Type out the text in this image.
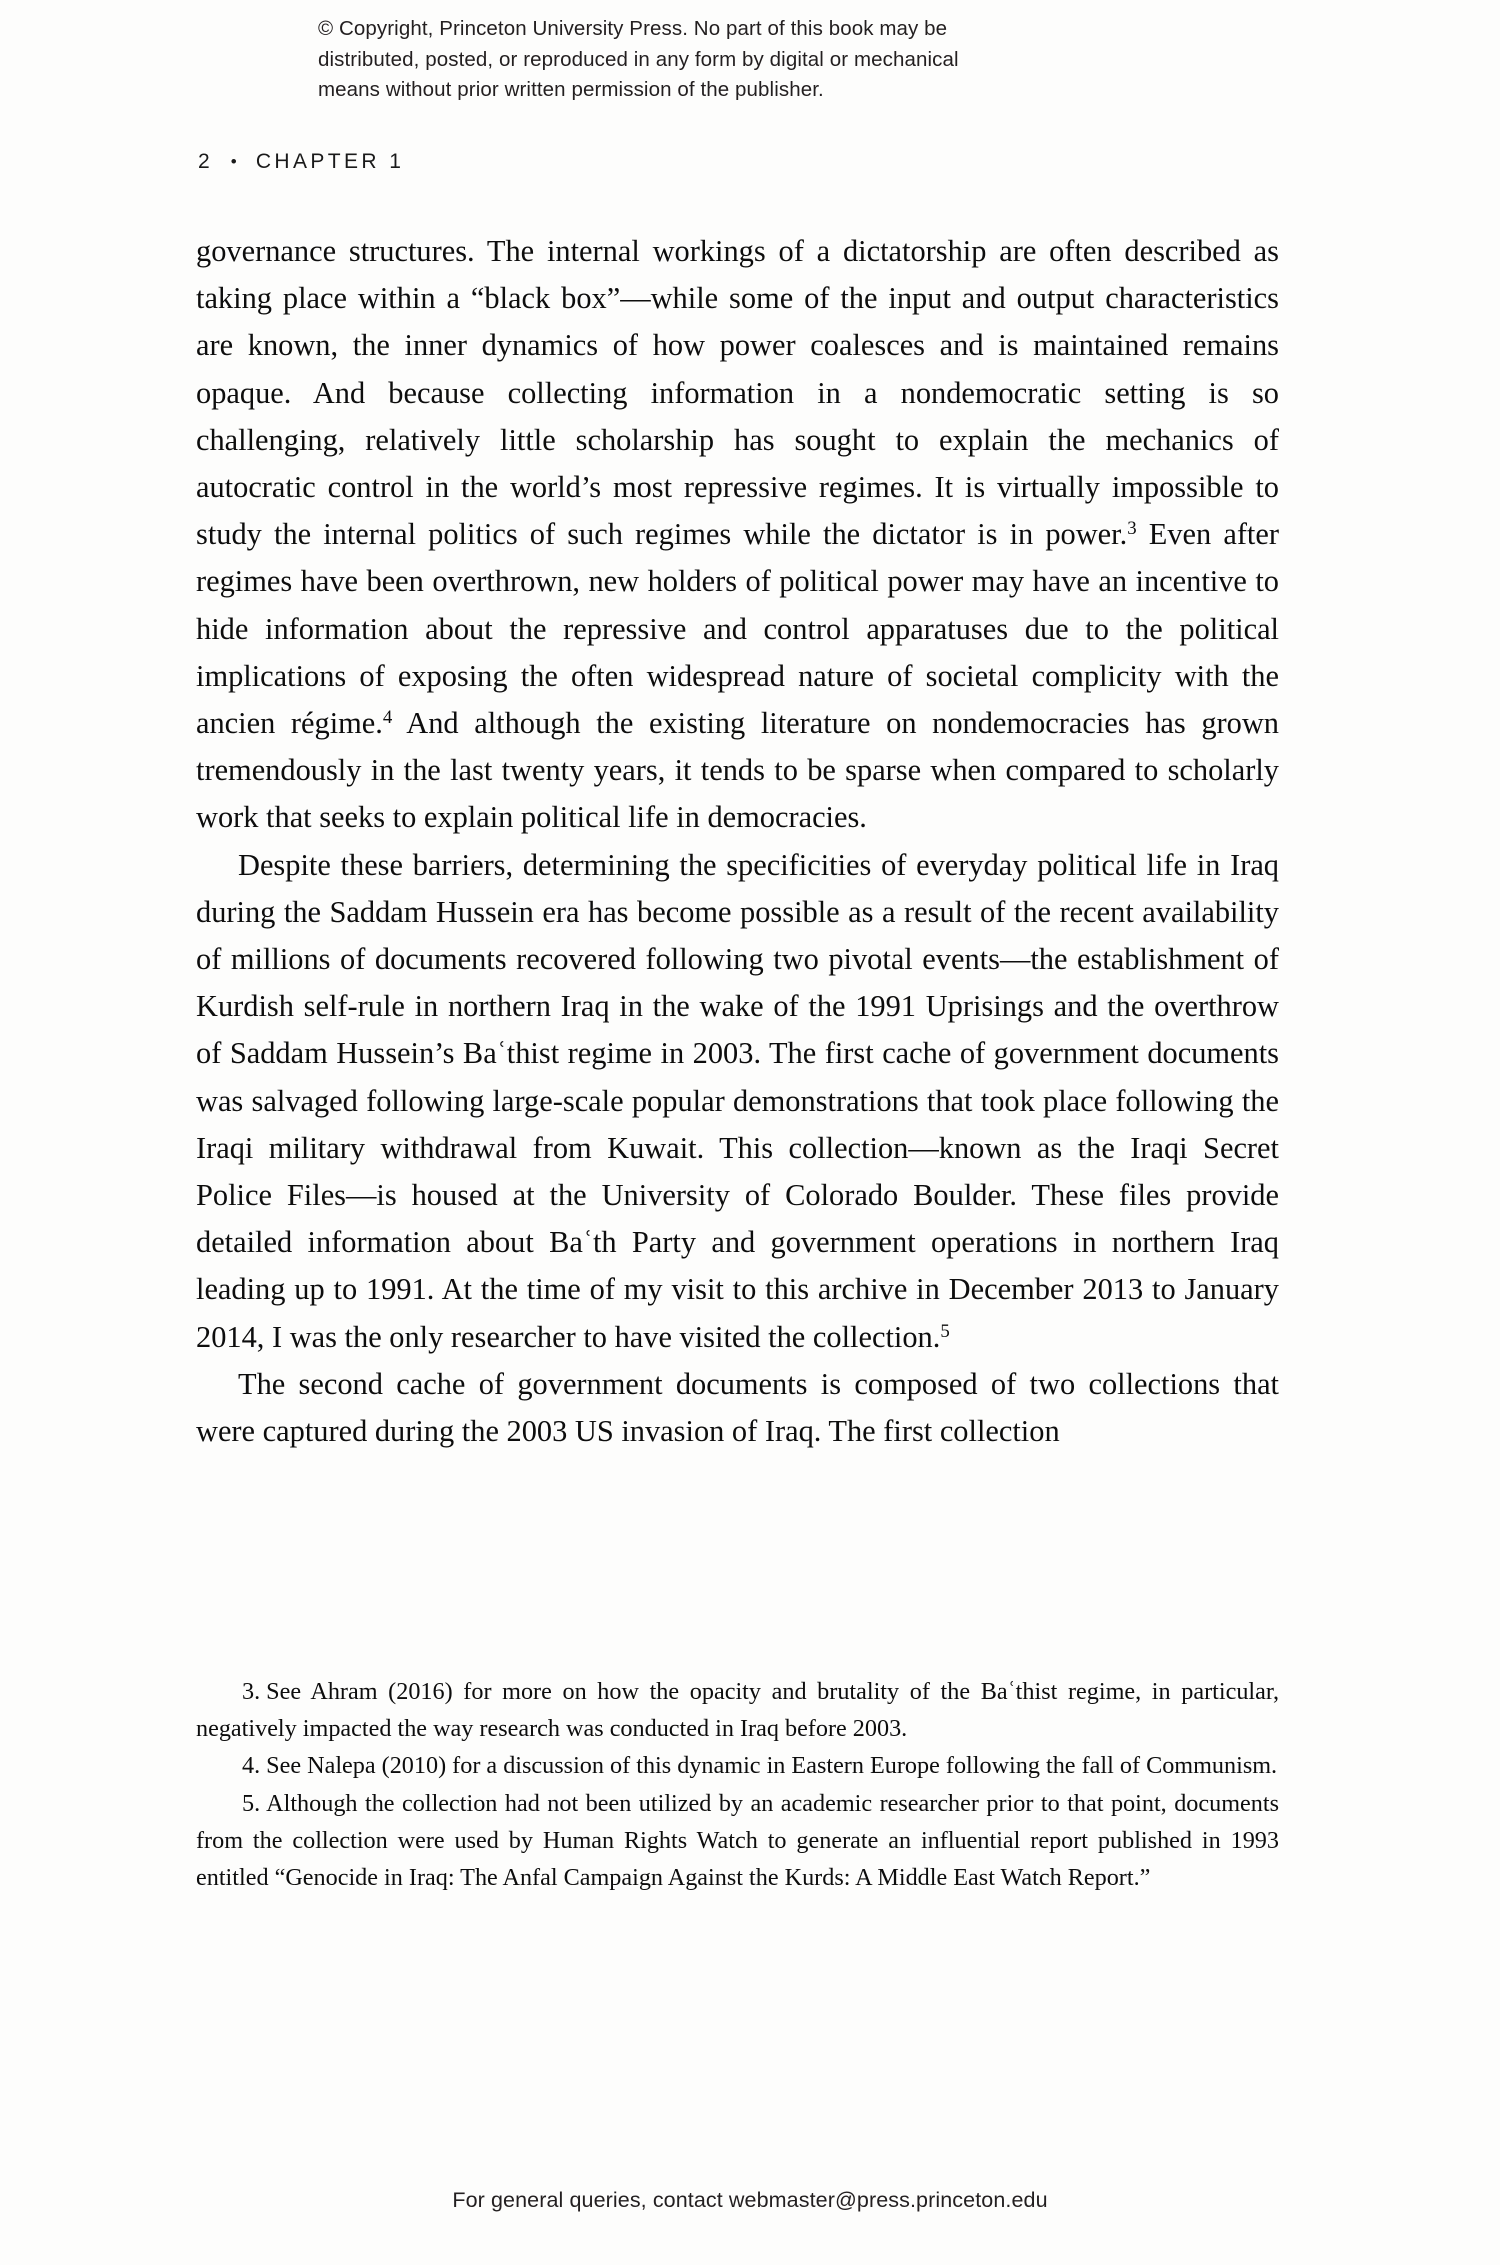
© Copyright, Princeton University Press. No part of this book may be
distributed, posted, or reproduced in any form by digital or mechanical
means without prior written permission of the publisher.
2 • CHAPTER 1

governance structures. The internal workings of a dictatorship are often described as taking place within a “black box”—while some of the input and output characteristics are known, the inner dynamics of how power coalesces and is maintained remains opaque. And because collecting information in a nondemocratic setting is so challenging, relatively little scholarship has sought to explain the mechanics of autocratic control in the world’s most repressive regimes. It is virtually impossible to study the internal politics of such regimes while the dictator is in power.$^3$ Even after regimes have been overthrown, new holders of political power may have an incentive to hide information about the repressive and control apparatuses due to the political implications of exposing the often widespread nature of societal complicity with the ancien régime.$^4$ And although the existing literature on nondemocracies has grown tremendously in the last twenty years, it tends to be sparse when compared to scholarly work that seeks to explain political life in democracies.

Despite these barriers, determining the specificities of everyday political life in Iraq during the Saddam Hussein era has become possible as a result of the recent availability of millions of documents recovered following two pivotal events—the establishment of Kurdish self-rule in northern Iraq in the wake of the 1991 Uprisings and the overthrow of Saddam Hussein’s Baʿthist regime in 2003. The first cache of government documents was salvaged following large-scale popular demonstrations that took place following the Iraqi military withdrawal from Kuwait. This collection—known as the Iraqi Secret Police Files—is housed at the University of Colorado Boulder. These files provide detailed information about Baʿth Party and government operations in northern Iraq leading up to 1991. At the time of my visit to this archive in December 2013 to January 2014, I was the only researcher to have visited the collection.$^5$

The second cache of government documents is composed of two collections that were captured during the 2003 US invasion of Iraq. The first collection

3. See Ahram (2016) for more on how the opacity and brutality of the Baʿthist regime, in particular, negatively impacted the way research was conducted in Iraq before 2003.

4. See Nalepa (2010) for a discussion of this dynamic in Eastern Europe following the fall of Communism.

5. Although the collection had not been utilized by an academic researcher prior to that point, documents from the collection were used by Human Rights Watch to generate an influential report published in 1993 entitled “Genocide in Iraq: The Anfal Campaign Against the Kurds: A Middle East Watch Report.”

For general queries, contact webmaster@press.princeton.edu
